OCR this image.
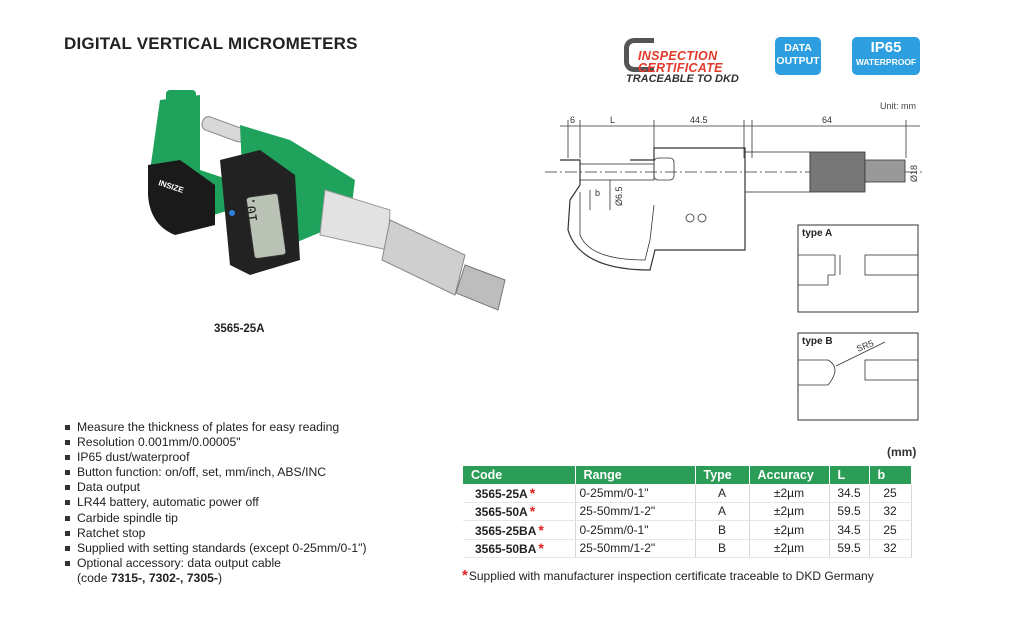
DIGITAL VERTICAL MICROMETERS
INSPECTION
CERTIFICATE
TRACEABLE TO DKD
DATA
OUTPUT
IP65
WATERPROOF
INSIZE	10.425
3565-25A
Unit: mm
6	L	44.5	64
b Ø6.5
Ø18
type A
type B SR5
Measure the thickness of plates for easy reading
Resolution 0.001mm/0.00005"
IP65 dust/waterproof
Button function: on/off, set, mm/inch, ABS/INC
Data output
LR44 battery, automatic power off
Carbide spindle tip
Ratchet stop
Supplied with setting standards (except 0-25mm/0-1")
Optional accessory: data output cable
(code 7315-, 7302-, 7305-)
(mm)
Code	Range	Type	Accuracy	L	b
3565-25A *	0-25mm/0-1"	A	±2µm	34.5	25
3565-50A *	25-50mm/1-2"	A	±2µm	59.5	32
3565-25BA *	0-25mm/0-1"	B	±2µm	34.5	25
3565-50BA *	25-50mm/1-2"	B	±2µm	59.5	32
*Supplied with manufacturer inspection certificate traceable to DKD Germany
